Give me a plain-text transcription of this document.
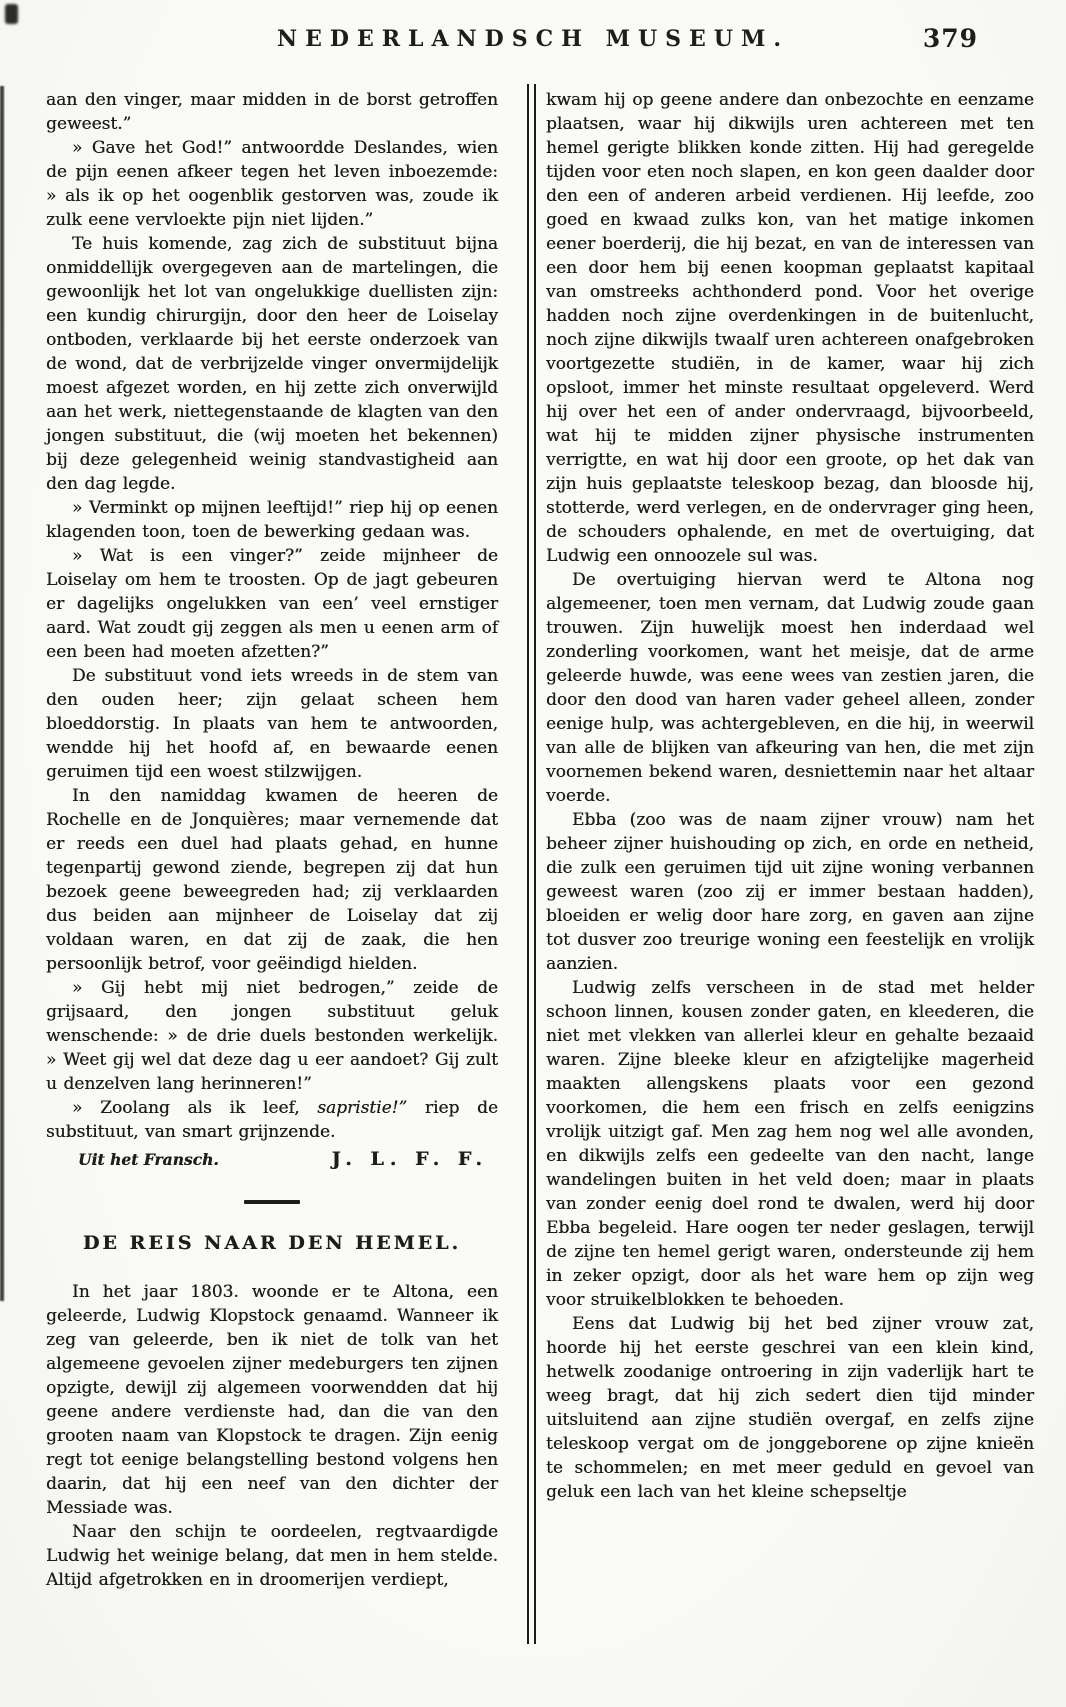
NEDERLANDSCH MUSEUM.	379

aan den vinger, maar midden in de borst getroffen geweest.”

» Gave het God!” antwoordde Deslandes, wien de pijn eenen afkeer tegen het leven inboezemde: » als ik op het oogenblik gestorven was, zoude ik zulk eene vervloekte pijn niet lijden.”

Te huis komende, zag zich de substituut bijna onmiddellijk overgegeven aan de martelingen, die gewoonlijk het lot van ongelukkige duellisten zijn: een kundig chirurgijn, door den heer de Loiselay ontboden, verklaarde bij het eerste onderzoek van de wond, dat de verbrijzelde vinger onvermijdelijk moest afgezet worden, en hij zette zich onverwijld aan het werk, niettegenstaande de klagten van den jongen substituut, die (wij moeten het bekennen) bij deze gelegenheid weinig standvastigheid aan den dag legde.

» Verminkt op mijnen leeftijd!” riep hij op eenen klagenden toon, toen de bewerking gedaan was.

» Wat is een vinger?” zeide mijnheer de Loiselay om hem te troosten. Op de jagt gebeuren er dagelijks ongelukken van een’ veel ernstiger aard. Wat zoudt gij zeggen als men u eenen arm of een been had moeten afzetten?”

De substituut vond iets wreeds in de stem van den ouden heer; zijn gelaat scheen hem bloeddorstig. In plaats van hem te antwoorden, wendde hij het hoofd af, en bewaarde eenen geruimen tijd een woest stilzwijgen.

In den namiddag kwamen de heeren de Rochelle en de Jonquières; maar vernemende dat er reeds een duel had plaats gehad, en hunne tegenpartij gewond ziende, begrepen zij dat hun bezoek geene beweegreden had; zij verklaarden dus beiden aan mijnheer de Loiselay dat zij voldaan waren, en dat zij de zaak, die hen persoonlijk betrof, voor geëindigd hielden.

» Gij hebt mij niet bedrogen,” zeide de grijsaard, den jongen substituut geluk wenschende: » de drie duels bestonden werkelijk. » Weet gij wel dat deze dag u eer aandoet? Gij zult u denzelven lang herinneren!”

» Zoolang als ik leef, sapristie!” riep de substituut, van smart grijnzende.

Uit het Fransch.	J. L. F. F.
DE REIS NAAR DEN HEMEL.

In het jaar 1803. woonde er te Altona, een geleerde, Ludwig Klopstock genaamd. Wanneer ik zeg van geleerde, ben ik niet de tolk van het algemeene gevoelen zijner medeburgers ten zijnen opzigte, dewijl zij algemeen voorwendden dat hij geene andere verdienste had, dan die van den grooten naam van Klopstock te dragen. Zijn eenig regt tot eenige belangstelling bestond volgens hen daarin, dat hij een neef van den dichter der Messiade was.

Naar den schijn te oordeelen, regtvaardigde Ludwig het weinige belang, dat men in hem stelde. Altijd afgetrokken en in droomerijen verdiept,

kwam hij op geene andere dan onbezochte en eenzame plaatsen, waar hij dikwijls uren achtereen met ten hemel gerigte blikken konde zitten. Hij had geregelde tijden voor eten noch slapen, en kon geen daalder door den een of anderen arbeid verdienen. Hij leefde, zoo goed en kwaad zulks kon, van het matige inkomen eener boerderij, die hij bezat, en van de interessen van een door hem bij eenen koopman geplaatst kapitaal van omstreeks achthonderd pond. Voor het overige hadden noch zijne overdenkingen in de buitenlucht, noch zijne dikwijls twaalf uren achtereen onafgebroken voortgezette studiën, in de kamer, waar hij zich opsloot, immer het minste resultaat opgeleverd. Werd hij over het een of ander ondervraagd, bijvoorbeeld, wat hij te midden zijner physische instrumenten verrigtte, en wat hij door een groote, op het dak van zijn huis geplaatste teleskoop bezag, dan bloosde hij, stotterde, werd verlegen, en de ondervrager ging heen, de schouders ophalende, en met de overtuiging, dat Ludwig een onnoozele sul was.

De overtuiging hiervan werd te Altona nog algemeener, toen men vernam, dat Ludwig zoude gaan trouwen. Zijn huwelijk moest hen inderdaad wel zonderling voorkomen, want het meisje, dat de arme geleerde huwde, was eene wees van zestien jaren, die door den dood van haren vader geheel alleen, zonder eenige hulp, was achtergebleven, en die hij, in weerwil van alle de blijken van afkeuring van hen, die met zijn voornemen bekend waren, desniettemin naar het altaar voerde.

Ebba (zoo was de naam zijner vrouw) nam het beheer zijner huishouding op zich, en orde en netheid, die zulk een geruimen tijd uit zijne woning verbannen geweest waren (zoo zij er immer bestaan hadden), bloeiden er welig door hare zorg, en gaven aan zijne tot dusver zoo treurige woning een feestelijk en vrolijk aanzien.

Ludwig zelfs verscheen in de stad met helder schoon linnen, kousen zonder gaten, en kleederen, die niet met vlekken van allerlei kleur en gehalte bezaaid waren. Zijne bleeke kleur en afzigtelijke magerheid maakten allengskens plaats voor een gezond voorkomen, die hem een frisch en zelfs eenigzins vrolijk uitzigt gaf. Men zag hem nog wel alle avonden, en dikwijls zelfs een gedeelte van den nacht, lange wandelingen buiten in het veld doen; maar in plaats van zonder eenig doel rond te dwalen, werd hij door Ebba begeleid. Hare oogen ter neder geslagen, terwijl de zijne ten hemel gerigt waren, ondersteunde zij hem in zeker opzigt, door als het ware hem op zijn weg voor struikelblokken te behoeden.

Eens dat Ludwig bij het bed zijner vrouw zat, hoorde hij het eerste geschrei van een klein kind, hetwelk zoodanige ontroering in zijn vaderlijk hart te weeg bragt, dat hij zich sedert dien tijd minder uitsluitend aan zijne studiën overgaf, en zelfs zijne teleskoop vergat om de jonggeborene op zijne knieën te schommelen; en met meer geduld en gevoel van geluk een lach van het kleine schepseltje
